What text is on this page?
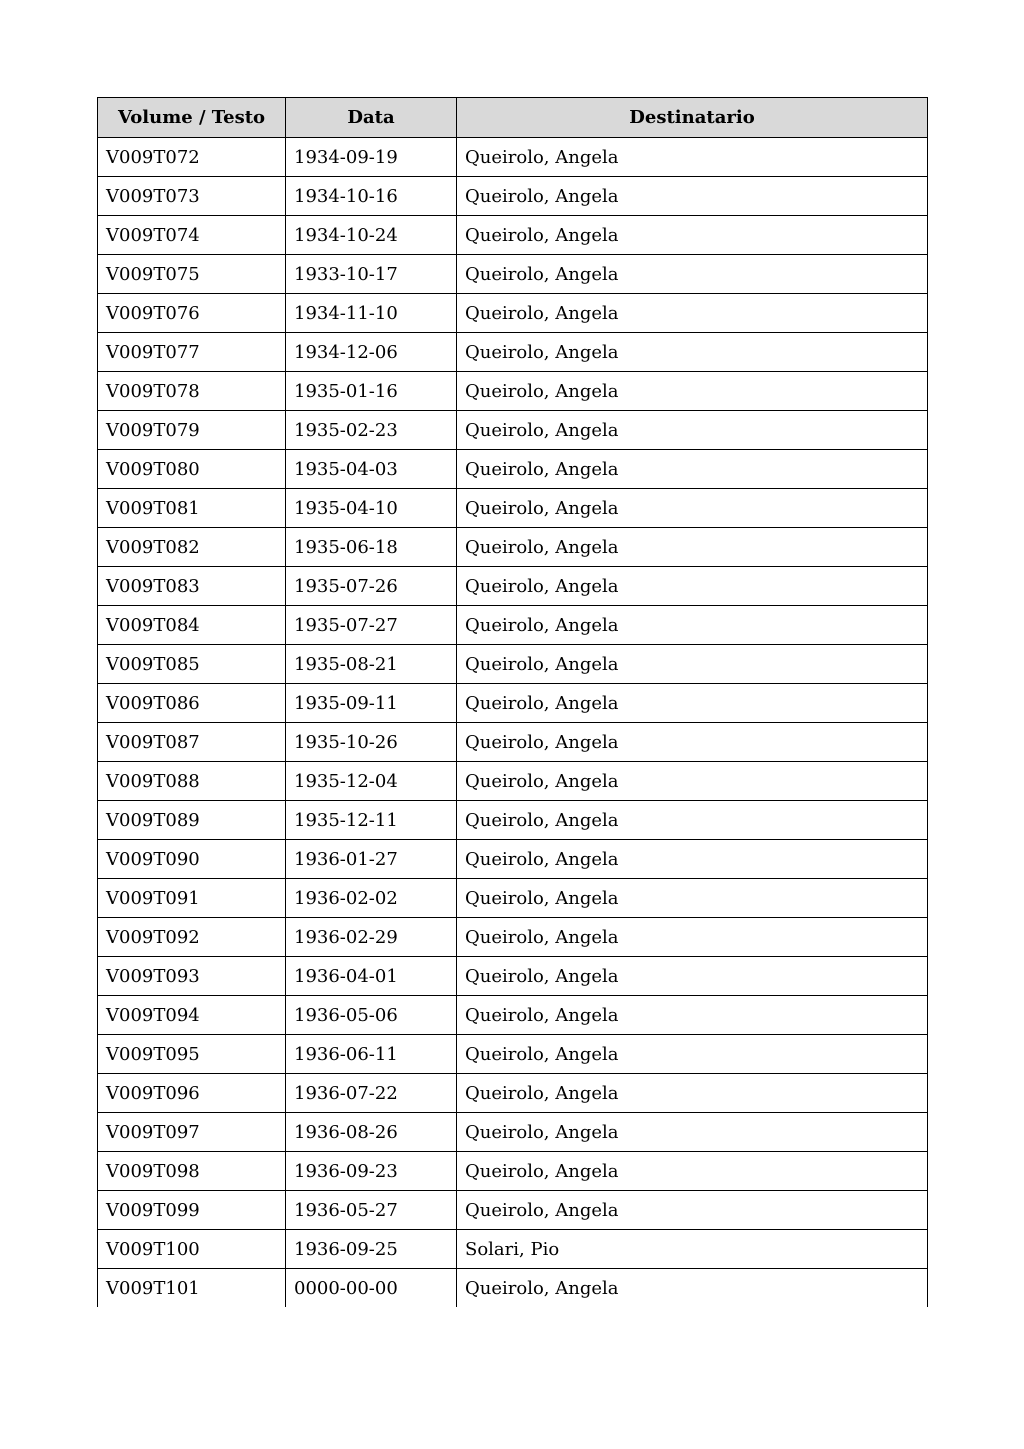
Volume / Testo	Data	Destinatario
V009T072	1934-09-19	Queirolo, Angela
V009T073	1934-10-16	Queirolo, Angela
V009T074	1934-10-24	Queirolo, Angela
V009T075	1933-10-17	Queirolo, Angela
V009T076	1934-11-10	Queirolo, Angela
V009T077	1934-12-06	Queirolo, Angela
V009T078	1935-01-16	Queirolo, Angela
V009T079	1935-02-23	Queirolo, Angela
V009T080	1935-04-03	Queirolo, Angela
V009T081	1935-04-10	Queirolo, Angela
V009T082	1935-06-18	Queirolo, Angela
V009T083	1935-07-26	Queirolo, Angela
V009T084	1935-07-27	Queirolo, Angela
V009T085	1935-08-21	Queirolo, Angela
V009T086	1935-09-11	Queirolo, Angela
V009T087	1935-10-26	Queirolo, Angela
V009T088	1935-12-04	Queirolo, Angela
V009T089	1935-12-11	Queirolo, Angela
V009T090	1936-01-27	Queirolo, Angela
V009T091	1936-02-02	Queirolo, Angela
V009T092	1936-02-29	Queirolo, Angela
V009T093	1936-04-01	Queirolo, Angela
V009T094	1936-05-06	Queirolo, Angela
V009T095	1936-06-11	Queirolo, Angela
V009T096	1936-07-22	Queirolo, Angela
V009T097	1936-08-26	Queirolo, Angela
V009T098	1936-09-23	Queirolo, Angela
V009T099	1936-05-27	Queirolo, Angela
V009T100	1936-09-25	Solari, Pio
V009T101	0000-00-00	Queirolo, Angela
